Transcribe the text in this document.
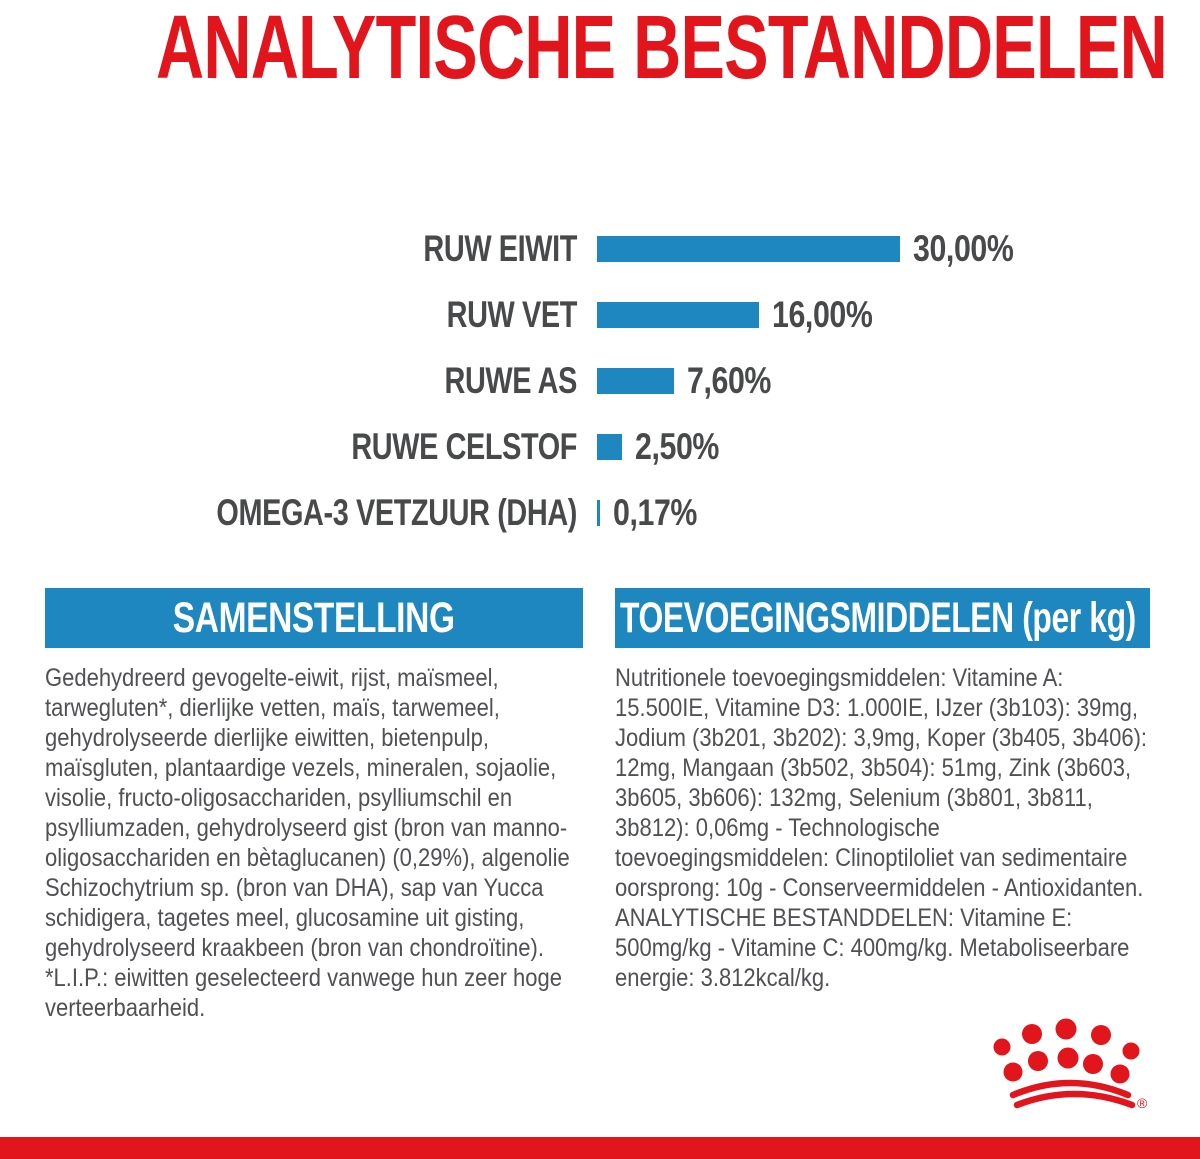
ANALYTISCHE BESTANDDELEN
RUW EIWIT	30,00%
RUW VET	16,00%
RUWE AS	7,60%
RUWE CELSTOF 2,50%
OMEGA-3 VETZUUR (DHA) 0,17%
SAMENSTELLING	TOEVOEGINGSMIDDELEN (per kg)

Gedehydreerd gevogelte-eiwit, rijst, maïsmeel, tarwegluten*, dierlijke vetten, maïs, tarwemeel, gehydrolyseerde dierlijke eiwitten, bietenpulp, maïsgluten, plantaardige vezels, mineralen, sojaolie, visolie, fructo-oligosacchariden, psylliumschil en psylliumzaden, gehydrolyseerd gist (bron van manno-oligosacchariden en bètaglucanen) (0,29%), algenolie Schizochytrium sp. (bron van DHA), sap van Yucca schidigera, tagetes meel, glucosamine uit gisting, gehydrolyseerd kraakbeen (bron van chondroïtine).

*L.I.P.: eiwitten geselecteerd vanwege hun zeer hoge verteerbaarheid.

Nutritionele toevoegingsmiddelen: Vitamine A: 15.500IE, Vitamine D3: 1.000IE, IJzer (3b103): 39mg, Jodium (3b201, 3b202): 3,9mg, Koper (3b405, 3b406): 12mg, Mangaan (3b502, 3b504): 51mg, Zink (3b603, 3b605, 3b606): 132mg, Selenium (3b801, 3b811, 3b812): 0,06mg - Technologische toevoegingsmiddelen: Clinoptiloliet van sedimentaire oorsprong: 10g - Conserveermiddelen - Antioxidanten. ANALYTISCHE BESTANDDELEN: Vitamine E: 500mg/kg - Vitamine C: 400mg/kg. Metaboliseerbare energie: 3.812kcal/kg.

®
